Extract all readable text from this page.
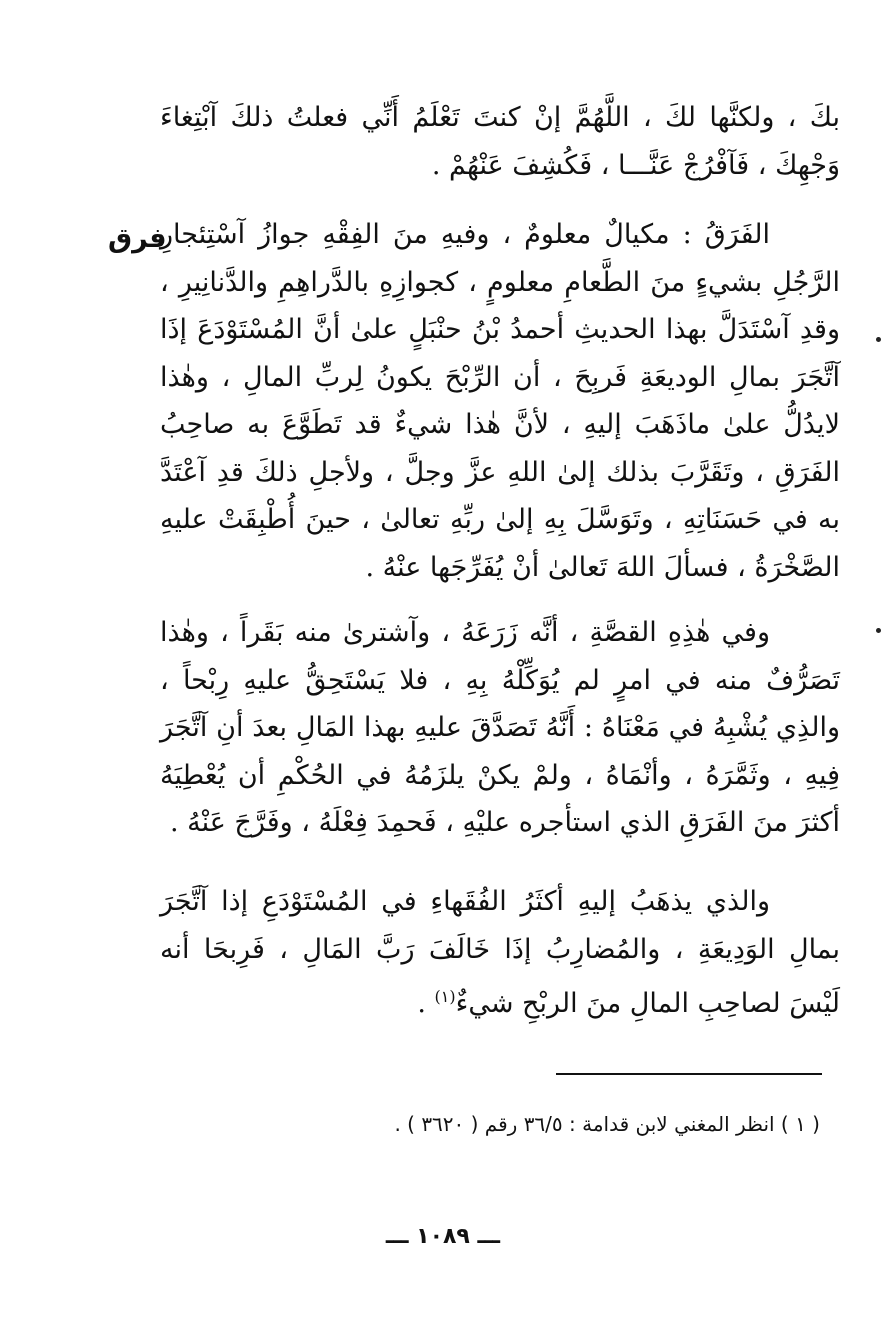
بكَ ، ولكنَّها لكَ ، اللَّهُمَّ إنْ كنتَ تَعْلَمُ أَنِّي فعلتُ ذلكَ آبْتِغاءَ وَجْهِكَ ، فَآفْرُجْ عَنَّـــا ، فَكُشِفَ عَنْهُمْ .

فرق

الفَرَقُ : مكيالٌ معلومٌ ، وفيهِ منَ الفِقْهِ جوازُ آسْتِئجارِ الرَّجُلِ بشيءٍ منَ الطَّعامِ معلومٍ ، كجوازِهِ بالدَّراهِمِ والدَّنانِيرِ ، وقدِ آسْتَدَلَّ بهذا الحديثِ أحمدُ بْنُ حنْبَلٍ علىٰ أنَّ المُسْتَوْدَعَ إذَا آتَّجَرَ بمالِ الوديعَةِ فَربِحَ ، أن الرِّبْحَ يكونُ لِربِّ المالِ ، وهٰذا لايدُلُّ علىٰ ماذَهَبَ إليهِ ، لأنَّ هٰذا شيءٌ قد تَطَوَّعَ به صاحِبُ الفَرَقِ ، وتَقَرَّبَ بذلك إلىٰ اللهِ عزَّ وجلَّ ، ولأجلِ ذلكَ قدِ آعْتَدَّ به في حَسَنَاتِهِ ، وتَوَسَّلَ بِهِ إلىٰ ربِّهِ تعالىٰ ، حينَ أُطْبِقَتْ عليهِ الصَّخْرَةُ ، فسألَ اللهَ تَعالىٰ أنْ يُفَرِّجَها عنْهُ .

وفي هٰذِهِ القصَّةِ ، أنَّه زَرَعَهُ ، وآشترىٰ منه بَقَراً ، وهٰذا تَصَرُّفٌ منه في امرٍ لم يُوَكِّلْهُ بِهِ ، فلا يَسْتَحِقُّ عليهِ رِبْحاً ، والذِي يُشْبِهُ في مَعْنَاهُ : أَنَّهُ تَصَدَّقَ عليهِ بهذا المَالِ بعدَ أنِ آتَّجَرَ فِيهِ ، وثَمَّرَهُ ، وأنْمَاهُ ، ولمْ يكنْ يلزَمُهُ في الحُكْمِ أن يُعْطِيَهُ أكثرَ منَ الفَرَقِ الذي استأجره عليْهِ ، فَحمِدَ فِعْلَهُ ، وفَرَّجَ عَنْهُ .

والذي يذهَبُ إليهِ أكثَرُ الفُقَهاءِ في المُسْتَوْدَعِ إذا آتَّجَرَ بمالِ الوَدِيعَةِ ، والمُضارِبُ إذَا خَالَفَ رَبَّ المَالِ ، فَرِبحَا أنه لَيْسَ لصاحِبِ المالِ منَ الربْحِ شيءٌ$^{(١)}$ .

( ١ ) انظر المغني لابن قدامة : ٣٦/٥ رقم ( ٣٦٢٠ ) .
ـــ ١٠٨٩ ـــ
